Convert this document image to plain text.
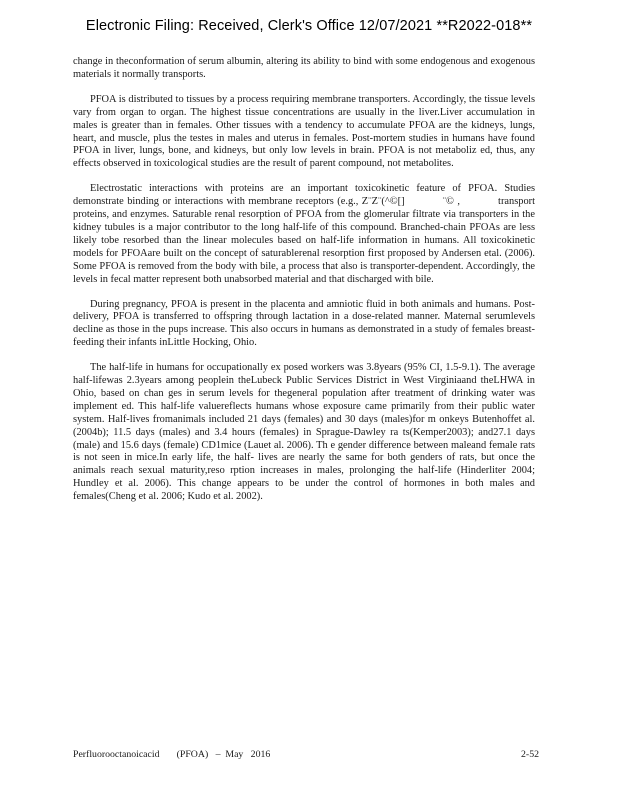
Electronic Filing: Received, Clerk's Office 12/07/2021 **R2022-018**

change in theconformation of serum albumin, altering its ability to bind with some endogenous and exogenous materials it normally transports.

PFOA is distributed to tissues by a process requiring membrane transporters. Accordingly, the tissue levels vary from organ to organ. The highest tissue concentrations are usually in the liver.Liver accumulation in males is greater than in females. Other tissues with a tendency to accumulate PFOA are the kidneys, lungs, heart, and muscle, plus the testes in males and uterus in females. Post-mortem studies in humans have found PFOA in liver, lungs, bone, and kidneys, but only low levels in brain. PFOA is not metaboliz ed, thus, any effects observed in toxicological studies are the result of parent compound, not metabolites.

Electrostatic interactions with proteins are an important toxicokinetic feature of PFOA. Studies demonstrate binding or interactions with membrane receptors (e.g., Z¨Z¨(^©[]           ¨© ,           transport proteins, and enzymes. Saturable renal resorption of PFOA from the glomerular filtrate via transporters in the kidney tubules is a major contributor to the long half-life of this compound. Branched-chain PFOAs are less likely tobe resorbed than the linear molecules based on half-life information in humans. All toxicokinetic models for PFOAare built on the concept of saturablerenal resorption first proposed by Andersen etal. (2006). Some PFOA is removed from the body with bile, a process that also is transporter-dependent. Accordingly, the levels in fecal matter represent both unabsorbed material and that discharged with bile.

During pregnancy, PFOA is present in the placenta and amniotic fluid in both animals and humans. Post-delivery, PFOA is transferred to offspring through lactation in a dose-related manner. Maternal serumlevels decline as those in the pups increase. This also occurs in humans as demonstrated in a study of females breast-feeding their infants inLittle Hocking, Ohio.

The half-life in humans for occupationally ex posed workers was 3.8years (95% CI, 1.5-9.1). The average half-lifewas 2.3years among peoplein theLubeck Public Services District in West Virginiaand theLHWA in Ohio, based on chan ges in serum levels for thegeneral population after treatment of drinking water was implement ed. This half-life valuereflects humans whose exposure came primarily from their public water system. Half-lives fromanimals included 21 days (females) and 30 days (males)for m onkeys Butenhoffet al. (2004b); 11.5 days (males) and 3.4 hours (females) in Sprague-Dawley ra ts(Kemper2003); and27.1 days (male) and 15.6 days (female) CD1mice (Lauet al. 2006). Th e gender difference between maleand female rats is not seen in mice.In early life, the half- lives are nearly the same for both genders of rats, but once the animals reach sexual maturity,reso rption increases in males, prolonging the half-life (Hinderliter 2004; Hundley et al. 2006). This change appears to be under the control of hormones in both males and females(Cheng et al. 2006; Kudo et al. 2002).

Perfluorooctanoicacid       (PFOA)   –  May   2016	2-52
